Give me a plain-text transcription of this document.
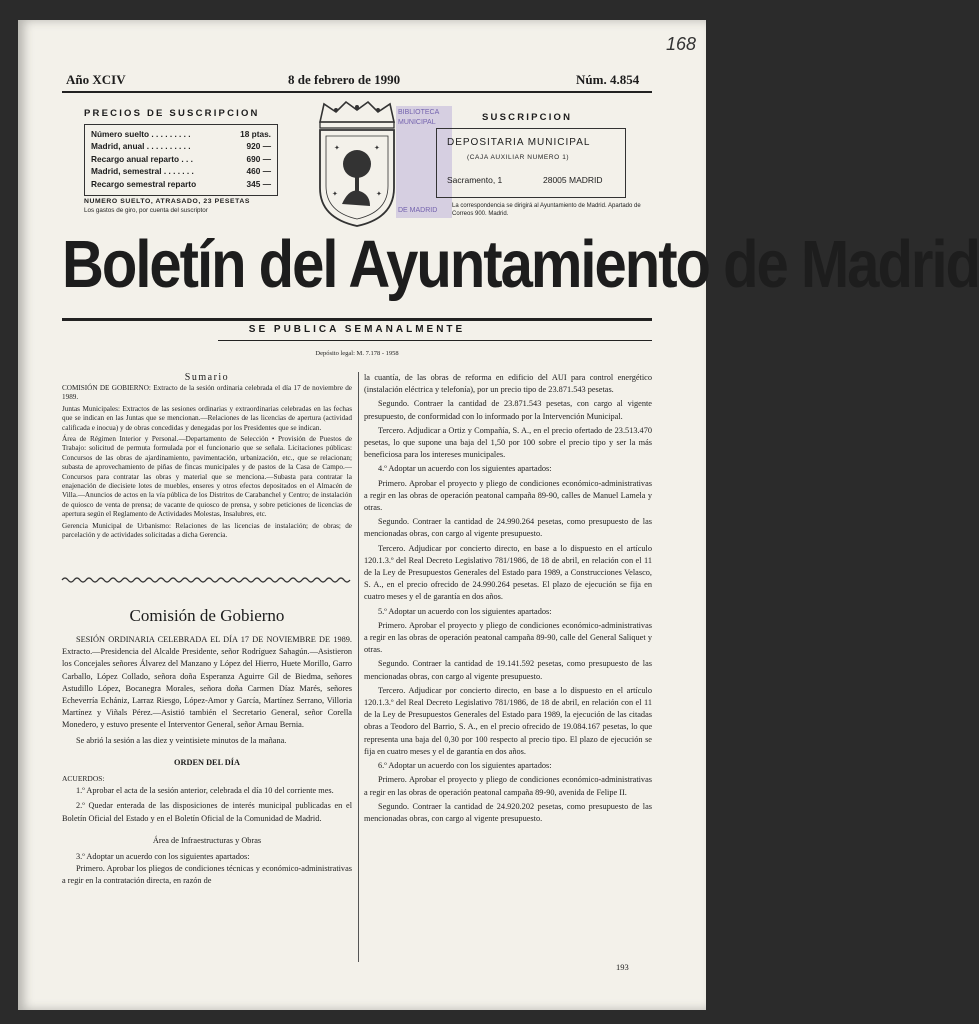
168
Año XCIV	8 de febrero de 1990	Núm. 4.854
PRECIOS DE SUSCRIPCION
Número suelto . . . . . . . . .	18 ptas.
Madrid, anual . . . . . . . . . .	920 —
Recargo anual reparto . . .	690 —
Madrid, semestral . . . . . . .	460 —
Recargo semestral reparto	345 —
NUMERO SUELTO, ATRASADO, 23 PESETAS
Los gastos de giro, por cuenta del suscriptor
✦	✦
✦	✦
BIBLIOTECA
MUNICIPAL
DE MADRID
SUSCRIPCION
DEPOSITARIA MUNICIPAL
(CAJA AUXILIAR NUMERO 1)
Sacramento, 1	28005 MADRID
La correspondencia se dirigirá al Ayuntamiento de Madrid. Apartado de Correos 900. Madrid.
Boletín del Ayuntamiento de Madrid
SE PUBLICA SEMANALMENTE
Depósito legal: M. 7.178 - 1958
Sumario

COMISIÓN DE GOBIERNO: Extracto de la sesión ordinaria celebrada el día 17 de noviembre de 1989.

Juntas Municipales: Extractos de las sesiones ordinarias y extraordinarias celebradas en las fechas que se indican en las Juntas que se mencionan.—Relaciones de las licencias de apertura (actividad calificada e inocua) y de obras concedidas y denegadas por los Presidentes que se indican.

Área de Régimen Interior y Personal.—Departamento de Selección • Provisión de Puestos de Trabajo: solicitud de permuta formulada por el funcionario que se señala. Licitaciones públicas: Concursos de las obras de ajardinamiento, pavimentación, urbanización, etc., que se relacionan; subasta de aprovechamiento de piñas de fincas municipales y de pastos de la Casa de Campo.—Concursos para contratar las obras y material que se menciona.—Subasta para contratar la enajenación de diecisiete lotes de muebles, enseres y otros efectos depositados en el Almacén de Villa.—Anuncios de actos en la vía pública de los Distritos de Carabanchel y Centro; de instalación de quiosco de venta de prensa; de vacante de quiosco de prensa, y sobre peticiones de licencias de apertura según el Reglamento de Actividades Molestas, Insalubres, etc.

Gerencia Municipal de Urbanismo: Relaciones de las licencias de instalación; de obras; de parcelación y de actividades solicitadas a dicha Gerencia.

Comisión de Gobierno

SESIÓN ORDINARIA CELEBRADA EL DÍA 17 DE NOVIEMBRE DE 1989. Extracto.—Presidencia del Alcalde Presidente, señor Rodríguez Sahagún.—Asistieron los Concejales señores Álvarez del Manzano y López del Hierro, Huete Morillo, Garro Carballo, López Collado, señora doña Esperanza Aguirre Gil de Biedma, señores Astudillo López, Bocanegra Morales, señora doña Carmen Díaz Marés, señores Echeverría Echániz, Larraz Riesgo, López-Amor y García, Martínez Serrano, Villoria Martínez y Viñals Pérez.—Asistió también el Secretario General, señor Corella Monedero, y estuvo presente el Interventor General, señor Arnau Bernia.

Se abrió la sesión a las diez y veintisiete minutos de la mañana.

ORDEN DEL DÍA

ACUERDOS:

1.º Aprobar el acta de la sesión anterior, celebrada el día 10 del corriente mes.

2.º Quedar enterada de las disposiciones de interés municipal publicadas en el Boletín Oficial del Estado y en el Boletín Oficial de la Comunidad de Madrid.

Área de Infraestructuras y Obras

3.º Adoptar un acuerdo con los siguientes apartados:

Primero. Aprobar los pliegos de condiciones técnicas y económico-administrativas a regir en la contratación directa, en razón de

la cuantía, de las obras de reforma en edificio del AUI para control energético (instalación eléctrica y telefonía), por un precio tipo de 23.871.543 pesetas.

Segundo. Contraer la cantidad de 23.871.543 pesetas, con cargo al vigente presupuesto, de conformidad con lo informado por la Intervención Municipal.

Tercero. Adjudicar a Ortiz y Compañía, S. A., en el precio ofertado de 23.513.470 pesetas, lo que supone una baja del 1,50 por 100 sobre el precio tipo y ser la más beneficiosa para los intereses municipales.

4.º Adoptar un acuerdo con los siguientes apartados:

Primero. Aprobar el proyecto y pliego de condiciones económico-administrativas a regir en las obras de operación peatonal campaña 89-90, calles de Manuel Lamela y otras.

Segundo. Contraer la cantidad de 24.990.264 pesetas, como presupuesto de las mencionadas obras, con cargo al vigente presupuesto.

Tercero. Adjudicar por concierto directo, en base a lo dispuesto en el artículo 120.1.3.º del Real Decreto Legislativo 781/1986, de 18 de abril, en relación con el 11 de la Ley de Presupuestos Generales del Estado para 1989, a Construcciones Velasco, S. A., en el precio ofrecido de 24.990.264 pesetas. El plazo de ejecución se fija en cuatro meses y el de garantía en dos años.

5.º Adoptar un acuerdo con los siguientes apartados:

Primero. Aprobar el proyecto y pliego de condiciones económico-administrativas a regir en las obras de operación peatonal campaña 89-90, calle del General Saliquet y otras.

Segundo. Contraer la cantidad de 19.141.592 pesetas, como presupuesto de las mencionadas obras, con cargo al vigente presupuesto.

Tercero. Adjudicar por concierto directo, en base a lo dispuesto en el artículo 120.1.3.º del Real Decreto Legislativo 781/1986, de 18 de abril, en relación con el 11 de la Ley de Presupuestos Generales del Estado para 1989, la ejecución de las citadas obras a Teodoro del Barrio, S. A., en el precio ofrecido de 19.084.167 pesetas, lo que representa una baja del 0,30 por 100 respecto al precio tipo. El plazo de ejecución se fija en cuatro meses y el de garantía en dos años.

6.º Adoptar un acuerdo con los siguientes apartados:

Primero. Aprobar el proyecto y pliego de condiciones económico-administrativas a regir en las obras de operación peatonal campaña 89-90, avenida de Felipe II.

Segundo. Contraer la cantidad de 24.920.202 pesetas, como presupuesto de las mencionadas obras, con cargo al vigente presupuesto.

193
